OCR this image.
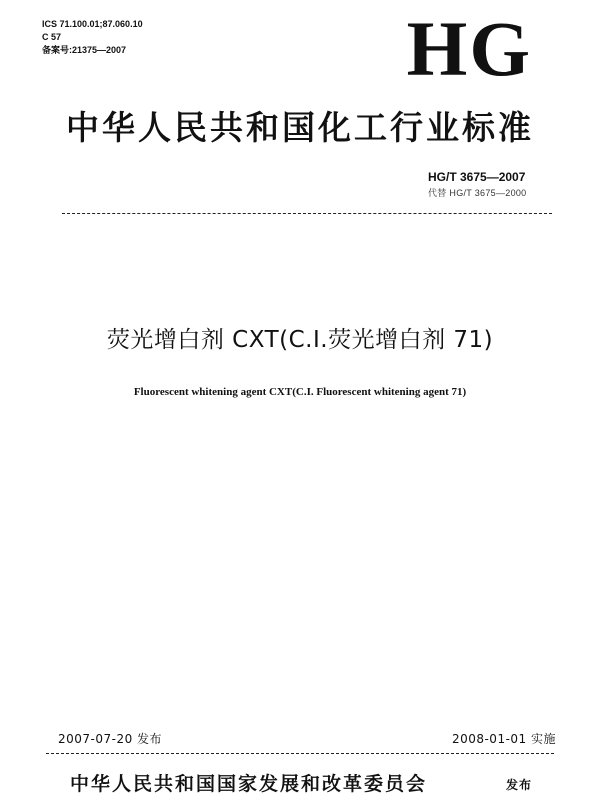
ICS 71.100.01;87.060.10
C 57
备案号:21375—2007	HG
中华人民共和国化工行业标准
HG/T 3675—2007
代替 HG/T 3675—2000
荧光增白剂 CXT(C.I.荧光增白剂 71)
Fluorescent whitening agent CXT(C.I. Fluorescent whitening agent 71)
2007-07-20 发布	2008-01-01 实施
中华人民共和国国家发展和改革委员会	发布
